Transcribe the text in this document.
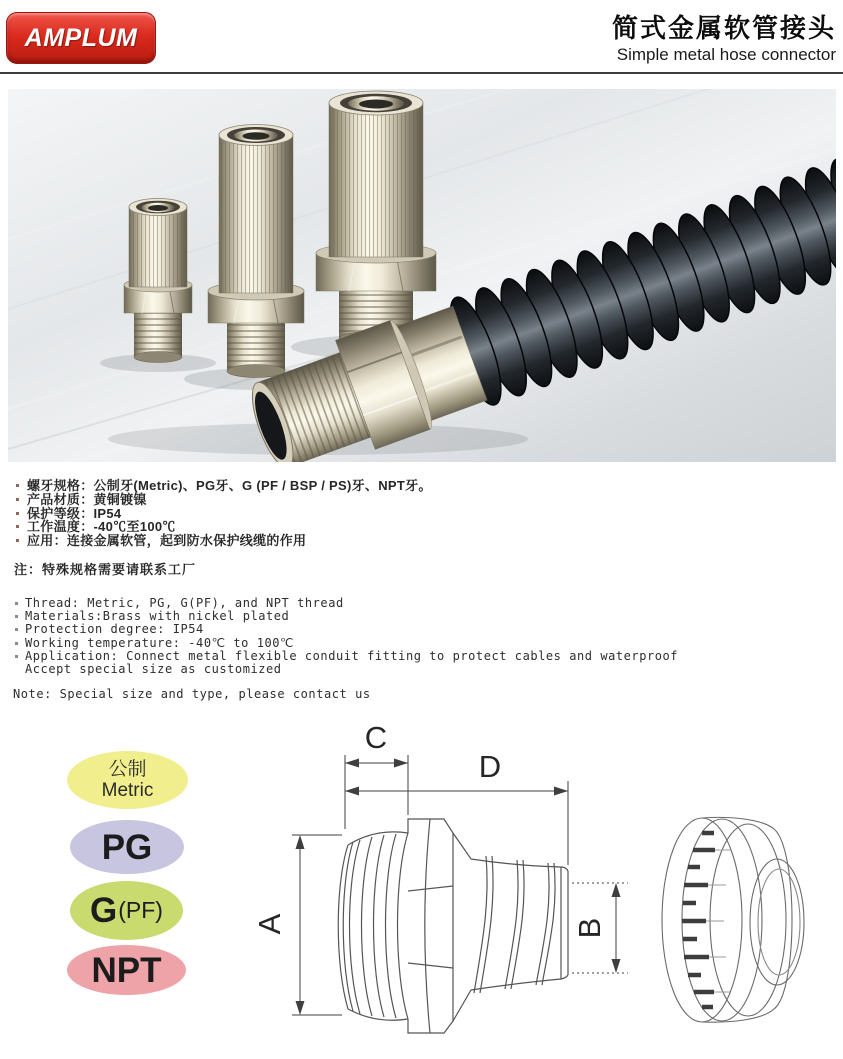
AMPLUM	简式金属软管接头
Simple metal hose connector
螺牙规格：公制牙(Metric)、PG牙、G (PF / BSP / PS)牙、NPT牙。
产品材质：黄铜镀镍
保护等级：IP54
工作温度：-40℃至100℃
应用：连接金属软管，起到防水保护线缆的作用
注：特殊规格需要请联系工厂
Thread: Metric, PG, G(PF), and NPT thread
Materials:Brass with nickel plated
Protection degree: IP54
Working temperature: -40℃ to 100℃
Application: Connect metal flexible conduit fitting to protect cables and waterproof
Accept special size as customized
Note: Special size and type, please contact us
公制
Metric
PG
G (PF)
NPT
C
D
A	B
